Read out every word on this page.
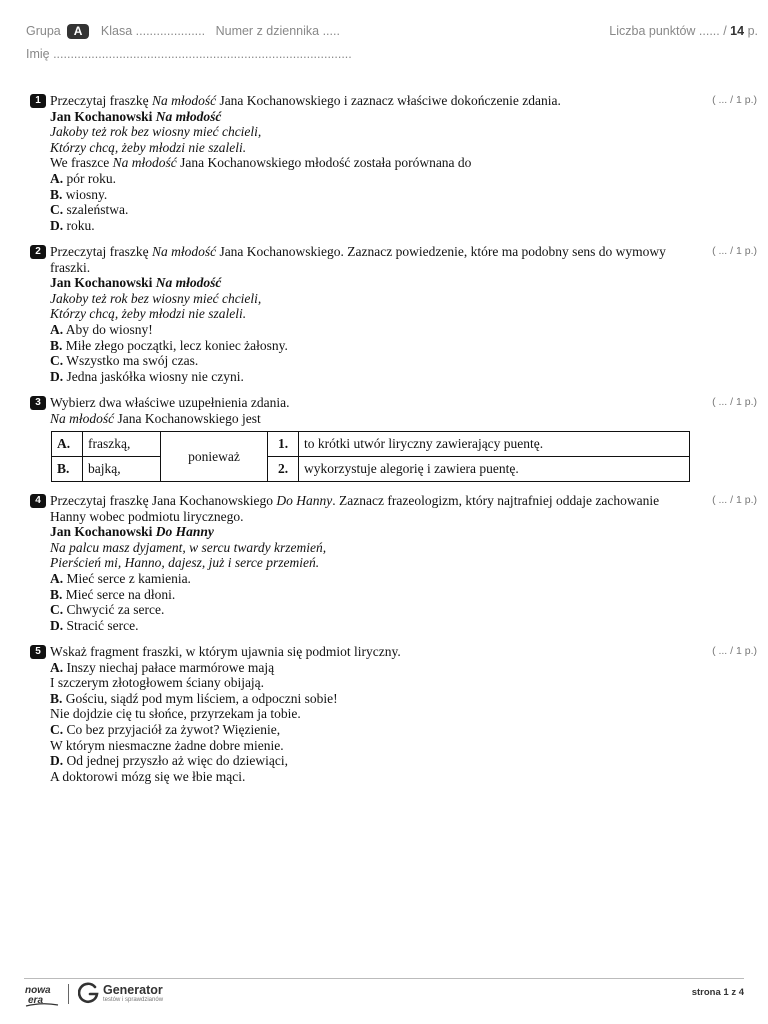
Grupa A Klasa .................... Numer z dziennika .....	Liczba punktów ...... / 14 p.
Imię ......................................................................................
1	( ... / 1 p.)
Przeczytaj fraszkę Na młodość Jana Kochanowskiego i zaznacz właściwe dokończenie zdania.
Jan Kochanowski Na młodość
Jakoby też rok bez wiosny mieć chcieli,
Którzy chcą, żeby młodzi nie szaleli.
We fraszce Na młodość Jana Kochanowskiego młodość została porównana do
A. pór roku.
B. wiosny.
C. szaleństwa.
D. roku.
2	( ... / 1 p.)
Przeczytaj fraszkę Na młodość Jana Kochanowskiego. Zaznacz powiedzenie, które ma podobny sens do wymowy fraszki.
Jan Kochanowski Na młodość
Jakoby też rok bez wiosny mieć chcieli,
Którzy chcą, żeby młodzi nie szaleli.
A. Aby do wiosny!
B. Miłe złego początki, lecz koniec żałosny.
C. Wszystko ma swój czas.
D. Jedna jaskółka wiosny nie czyni.
3	( ... / 1 p.)
Wybierz dwa właściwe uzupełnienia zdania.
Na młodość Jana Kochanowskiego jest
A.	fraszką,	ponieważ	1.	to krótki utwór liryczny zawierający puentę.
B.	bajką,		2.	wykorzystuje alegorię i zawiera puentę.
4	( ... / 1 p.)
Przeczytaj fraszkę Jana Kochanowskiego Do Hanny. Zaznacz frazeologizm, który najtrafniej oddaje zachowanie Hanny wobec podmiotu lirycznego.
Jan Kochanowski Do Hanny
Na palcu masz dyjament, w sercu twardy krzemień,
Pierścień mi, Hanno, dajesz, już i serce przemień.
A. Mieć serce z kamienia.
B. Mieć serce na dłoni.
C. Chwycić za serce.
D. Stracić serce.
5	( ... / 1 p.)
Wskaż fragment fraszki, w którym ujawnia się podmiot liryczny.
A. Inszy niechaj pałace marmórowe mają
I szczerym złotogłowem ściany obijają.
B. Gościu, siądź pod mym liściem, a odpoczni sobie!
Nie dojdzie cię tu słońce, przyrzekam ja tobie.
C. Co bez przyjaciół za żywot? Więzienie,
W którym niesmaczne żadne dobre mienie.
D. Od jednej przyszło aż więc do dziewiąci,
A doktorowi mózg się we łbie mąci.
nowa
era
Generator
testów i sprawdzianów
strona 1 z 4
